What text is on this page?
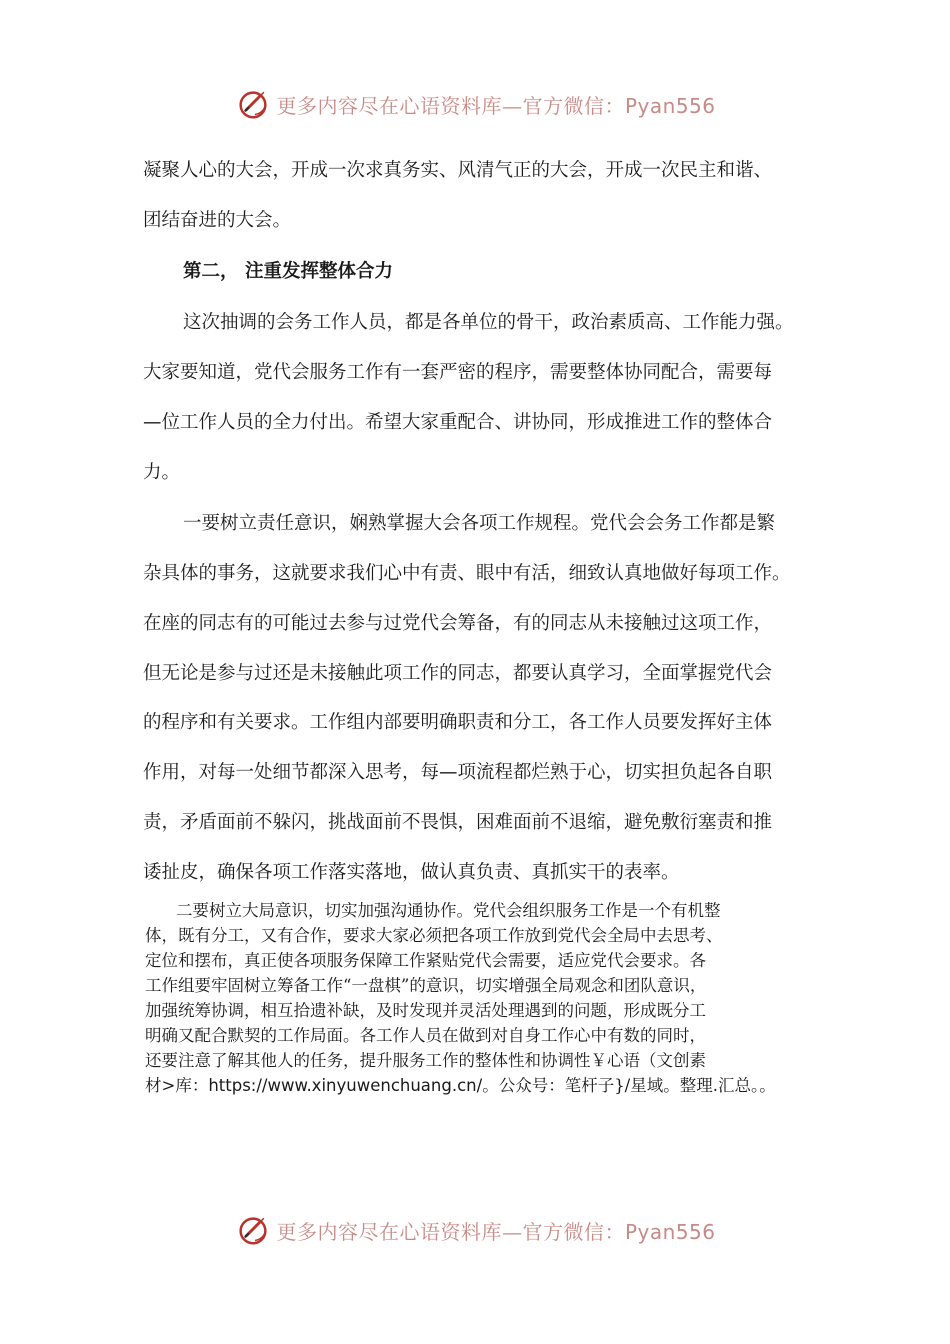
更多内容尽在心语资料库—官方微信：Pyan556
凝聚人心的大会，开成一次求真务实、风清气正的大会，开成一次民主和谐、
团结奋进的大会。
第二， 注重发挥整体合力
这次抽调的会务工作人员，都是各单位的骨干，政治素质高、工作能力强。
大家要知道，党代会服务工作有一套严密的程序，需要整体协同配合，需要每
—位工作人员的全力付出。希望大家重配合、讲协同，形成推进工作的整体合
力。
一要树立责任意识，娴熟掌握大会各项工作规程。党代会会务工作都是繁
杂具体的事务，这就要求我们心中有责、眼中有活，细致认真地做好每项工作。
在座的同志有的可能过去参与过党代会筹备，有的同志从未接触过这项工作，
但无论是参与过还是未接触此项工作的同志，都要认真学习，全面掌握党代会
的程序和有关要求。工作组内部要明确职责和分工，各工作人员要发挥好主体
作用，对每一处细节都深入思考，每—项流程都烂熟于心，切实担负起各自职
责，矛盾面前不躲闪，挑战面前不畏惧，困难面前不退缩，避免敷衍塞责和推
诿扯皮，确保各项工作落实落地，做认真负责、真抓实干的表率。
二要树立大局意识，切实加强沟通协作。党代会组织服务工作是一个有机整
体，既有分工，又有合作，要求大家必须把各项工作放到党代会全局中去思考、
定位和摆布，真正使各项服务保障工作紧贴党代会需要，适应党代会要求。各
工作组要牢固树立筹备工作“一盘棋”的意识，切实增强全局观念和团队意识，
加强统筹协调，相互拾遗补缺，及时发现并灵活处理遇到的问题，形成既分工
明确又配合默契的工作局面。各工作人员在做到对自身工作心中有数的同时，
还要注意了解其他人的任务，提升服务工作的整体性和协调性￥心语（文创素
材>库：https://www.xinyuwenchuang.cn/。公众号：笔杆子}/星域。整理.汇总。。
更多内容尽在心语资料库—官方微信：Pyan556
